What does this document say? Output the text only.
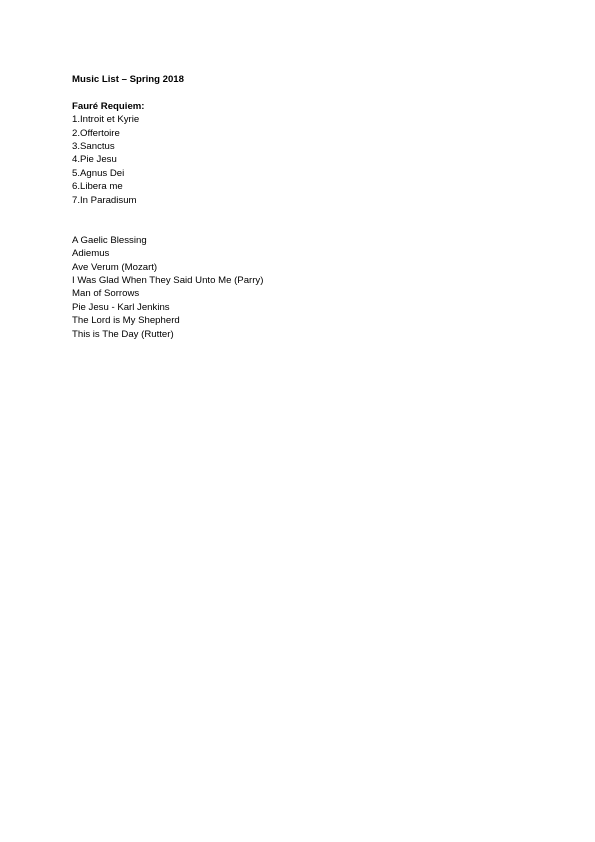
Music List – Spring 2018

Fauré Requiem:

1.Introit et Kyrie
2.Offertoire
3.Sanctus
4.Pie Jesu
5.Agnus Dei
6.Libera me
7.In Paradisum
A Gaelic Blessing
Adiemus
Ave Verum (Mozart)
I Was Glad When They Said Unto Me (Parry)
Man of Sorrows
Pie Jesu - Karl Jenkins
The Lord is My Shepherd
This is The Day (Rutter)
